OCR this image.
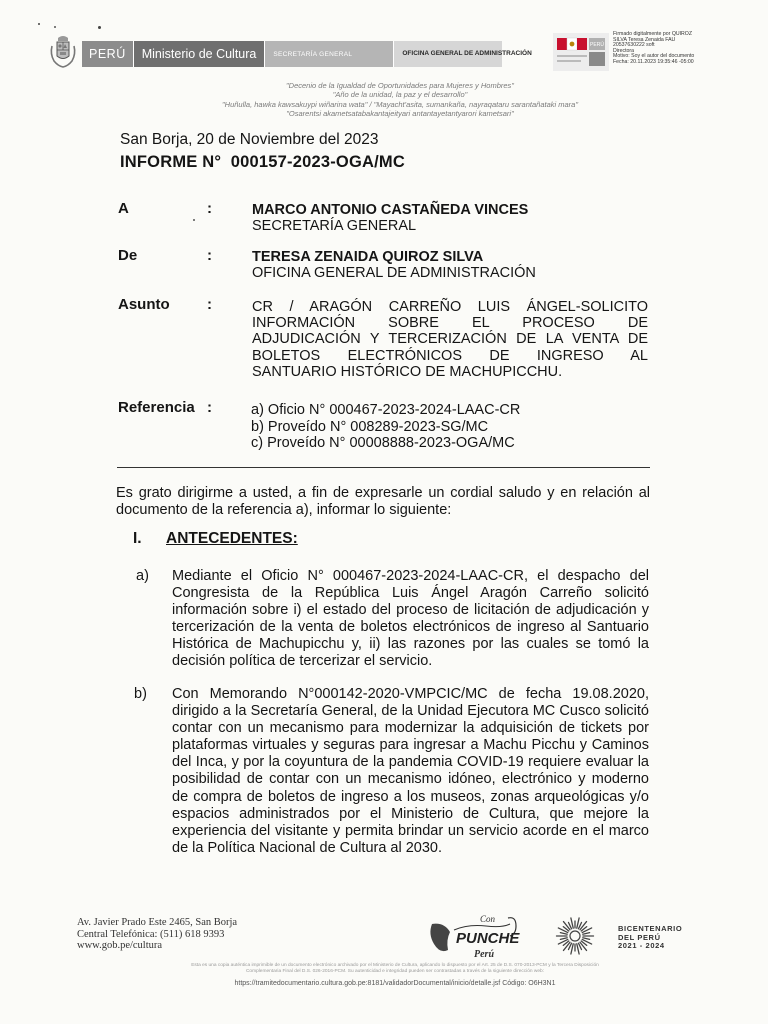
PERÚ	Ministerio de Cultura	SECRETARÍA GENERAL	OFICINA GENERAL DE ADMINISTRACIÓN
PERÚ
Firmado digitalmente por QUIROZ
SILVA Teresa Zenaida FAU
20537630222 soft
Directora
Motivo: Soy el autor del documento
Fecha: 20.11.2023 19:35:46 -05:00
"Decenio de la Igualdad de Oportunidades para Mujeres y Hombres"
"Año de la unidad, la paz y el desarrollo"
"Huñulla, hawka kawsakuypi wiñarina wata" / "Mayacht'asita, sumankaña, nayraqataru sarantañataki mara"
"Osarentsi akametsatabakantajeityari antantayetantyarori kametsari"
San Borja, 20 de Noviembre del 2023
INFORME N° 000157-2023-OGA/MC
A	:	MARCO ANTONIO CASTAÑEDA VINCES
SECRETARÍA GENERAL
De	:	TERESA ZENAIDA QUIROZ SILVA
OFICINA GENERAL DE ADMINISTRACIÓN
Asunto :	CR / ARAGÓN CARREÑO LUIS ÁNGEL-SOLICITO
INFORMACIÓN SOBRE EL PROCESO DE
ADJUDICACIÓN Y TERCERIZACIÓN DE LA VENTA DE
BOLETOS ELECTRÓNICOS DE INGRESO AL
SANTUARIO HISTÓRICO DE MACHUPICCHU.
Referencia :	a) Oficio N° 000467-2023-2024-LAAC-CR
b) Proveído N° 008289-2023-SG/MC
c) Proveído N° 00008888-2023-OGA/MC
Es grato dirigirme a usted, a fin de expresarle un cordial saludo y en relación al
documento de la referencia a), informar lo siguiente:
I. ANTECEDENTES:
a) Mediante el Oficio N° 000467-2023-2024-LAAC-CR, el despacho del
Congresista de la República Luis Ángel Aragón Carreño solicitó
información sobre i) el estado del proceso de licitación de adjudicación y
tercerización de la venta de boletos electrónicos de ingreso al Santuario
Histórica de Machupicchu y, ii) las razones por las cuales se tomó la
decisión política de tercerizar el servicio.
b) Con Memorando N°000142-2020-VMPCIC/MC de fecha 19.08.2020,
dirigido a la Secretaría General, de la Unidad Ejecutora MC Cusco solicitó
contar con un mecanismo para modernizar la adquisición de tickets por
plataformas virtuales y seguras para ingresar a Machu Picchu y Caminos
del Inca, y por la coyuntura de la pandemia COVID-19 requiere evaluar la
posibilidad de contar con un mecanismo idóneo, electrónico y moderno
de compra de boletos de ingreso a los museos, zonas arqueológicas y/o
espacios administrados por el Ministerio de Cultura, que mejore la
experiencia del visitante y permita brindar un servicio acorde en el marco
de la Política Nacional de Cultura al 2030.
Av. Javier Prado Este 2465, San Borja
Central Telefónica: (511) 618 9393
www.gob.pe/cultura
Con
PUNCHE
Perú
BICENTENARIO
DEL PERÚ
2021 - 2024
Esta es una copia auténtica imprimible de un documento electrónico archivado por el Ministerio de Cultura, aplicando lo dispuesto por el Art. 25 de D.S. 070-2013-PCM y la Tercera Disposición
Complementaria Final del D.S. 026-2016-PCM. Su autenticidad e integridad pueden ser contrastadas a través de la siguiente dirección web:
https://tramitedocumentario.cultura.gob.pe:8181/validadorDocumental/inicio/detalle.jsf Código: O6H3N1
